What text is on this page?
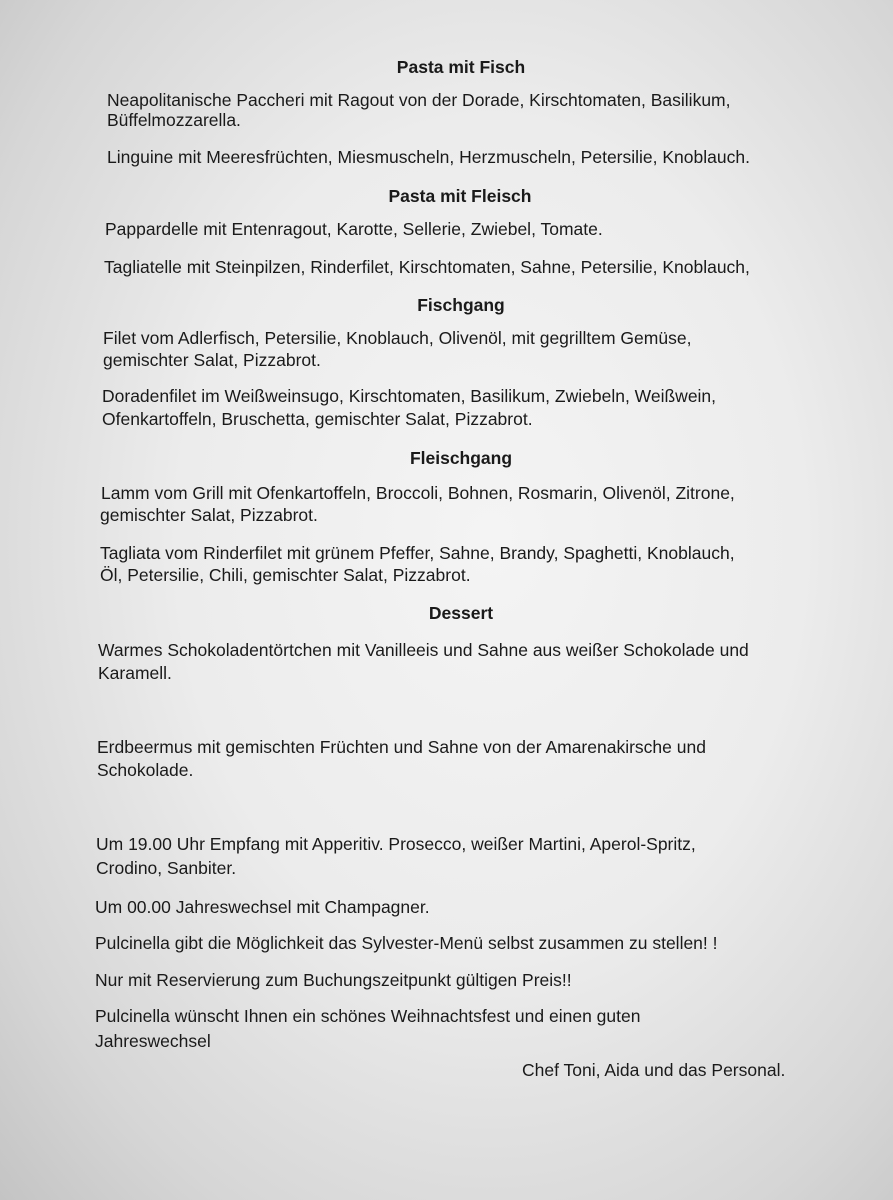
Pasta mit Fisch
Neapolitanische Paccheri mit Ragout von der Dorade, Kirschtomaten, Basilikum,
Büffelmozzarella.
Linguine mit Meeresfrüchten, Miesmuscheln, Herzmuscheln, Petersilie, Knoblauch.
Pasta mit Fleisch
Pappardelle mit Entenragout, Karotte, Sellerie, Zwiebel, Tomate.
Tagliatelle mit Steinpilzen, Rinderfilet, Kirschtomaten, Sahne, Petersilie, Knoblauch,
Fischgang
Filet vom Adlerfisch, Petersilie, Knoblauch, Olivenöl, mit gegrilltem Gemüse,
gemischter Salat, Pizzabrot.
Doradenfilet im Weißweinsugo, Kirschtomaten, Basilikum, Zwiebeln, Weißwein,
Ofenkartoffeln, Bruschetta, gemischter Salat, Pizzabrot.
Fleischgang
Lamm vom Grill mit Ofenkartoffeln, Broccoli, Bohnen, Rosmarin, Olivenöl, Zitrone,
gemischter Salat, Pizzabrot.
Tagliata vom Rinderfilet mit grünem Pfeffer, Sahne, Brandy, Spaghetti, Knoblauch,
Öl, Petersilie, Chili, gemischter Salat, Pizzabrot.
Dessert
Warmes Schokoladentörtchen mit Vanilleeis und Sahne aus weißer Schokolade und
Karamell.
Erdbeermus mit gemischten Früchten und Sahne von der Amarenakirsche und
Schokolade.
Um 19.00 Uhr Empfang mit Apperitiv. Prosecco, weißer Martini, Aperol-Spritz,
Crodino, Sanbiter.
Um 00.00 Jahreswechsel mit Champagner.
Pulcinella gibt die Möglichkeit das Sylvester-Menü selbst zusammen zu stellen! !
Nur mit Reservierung zum Buchungszeitpunkt gültigen Preis!!
Pulcinella wünscht Ihnen ein schönes Weihnachtsfest und einen guten
Jahreswechsel
Chef Toni, Aida und das Personal.
